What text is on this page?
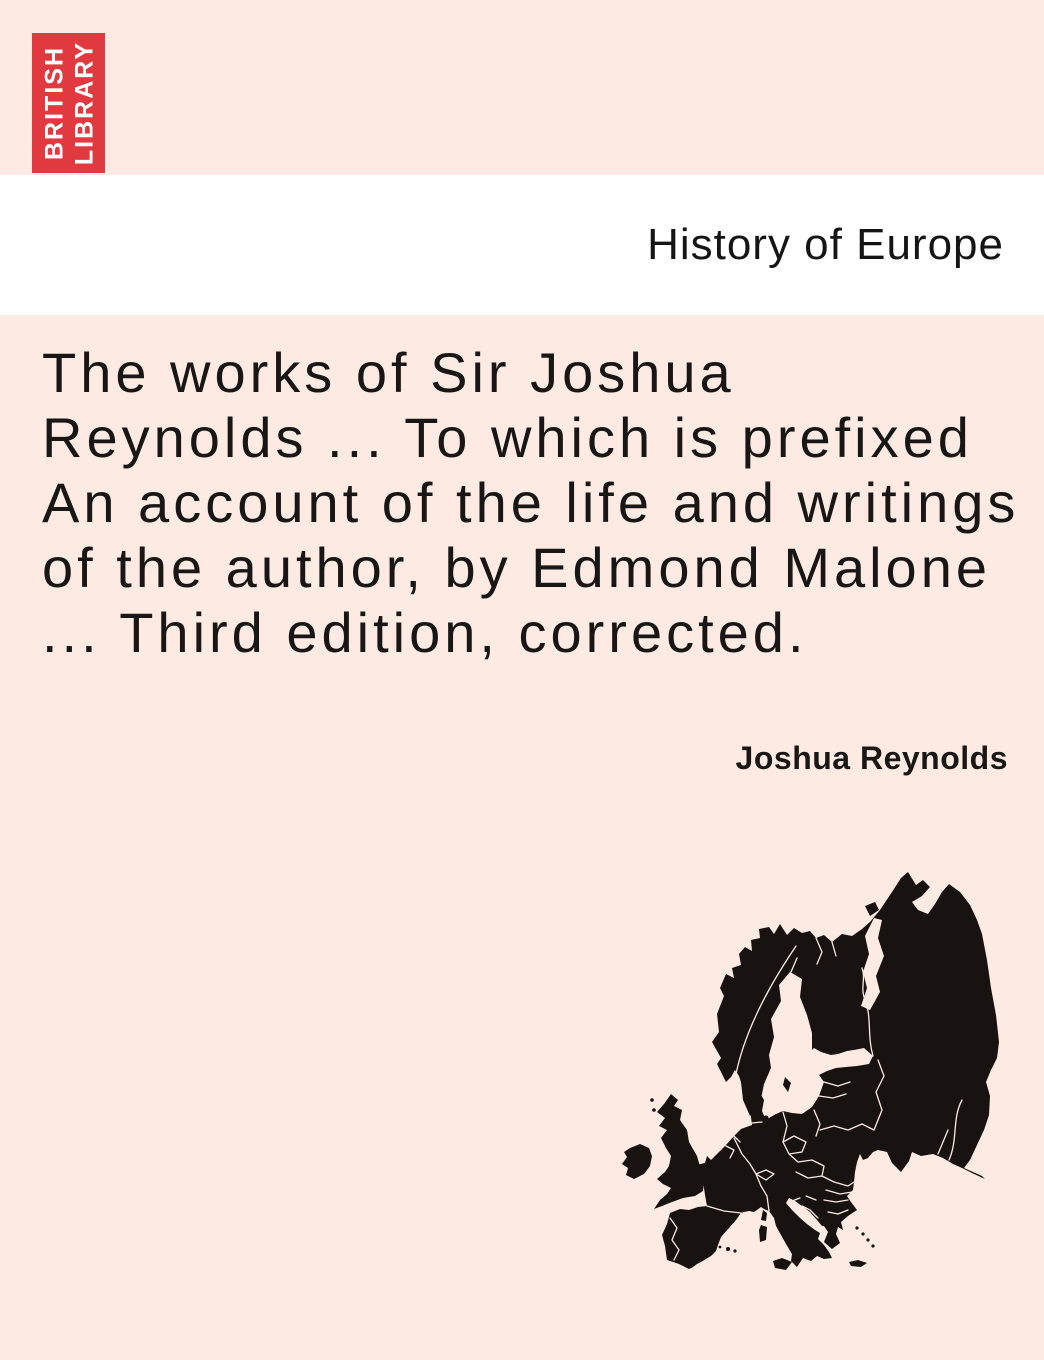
BRITISH LIBRARY
History of Europe
The works of Sir Joshua
Reynolds ... To which is prefixed
An account of the life and writings
of the author, by Edmond Malone
... Third edition, corrected.
Joshua Reynolds
